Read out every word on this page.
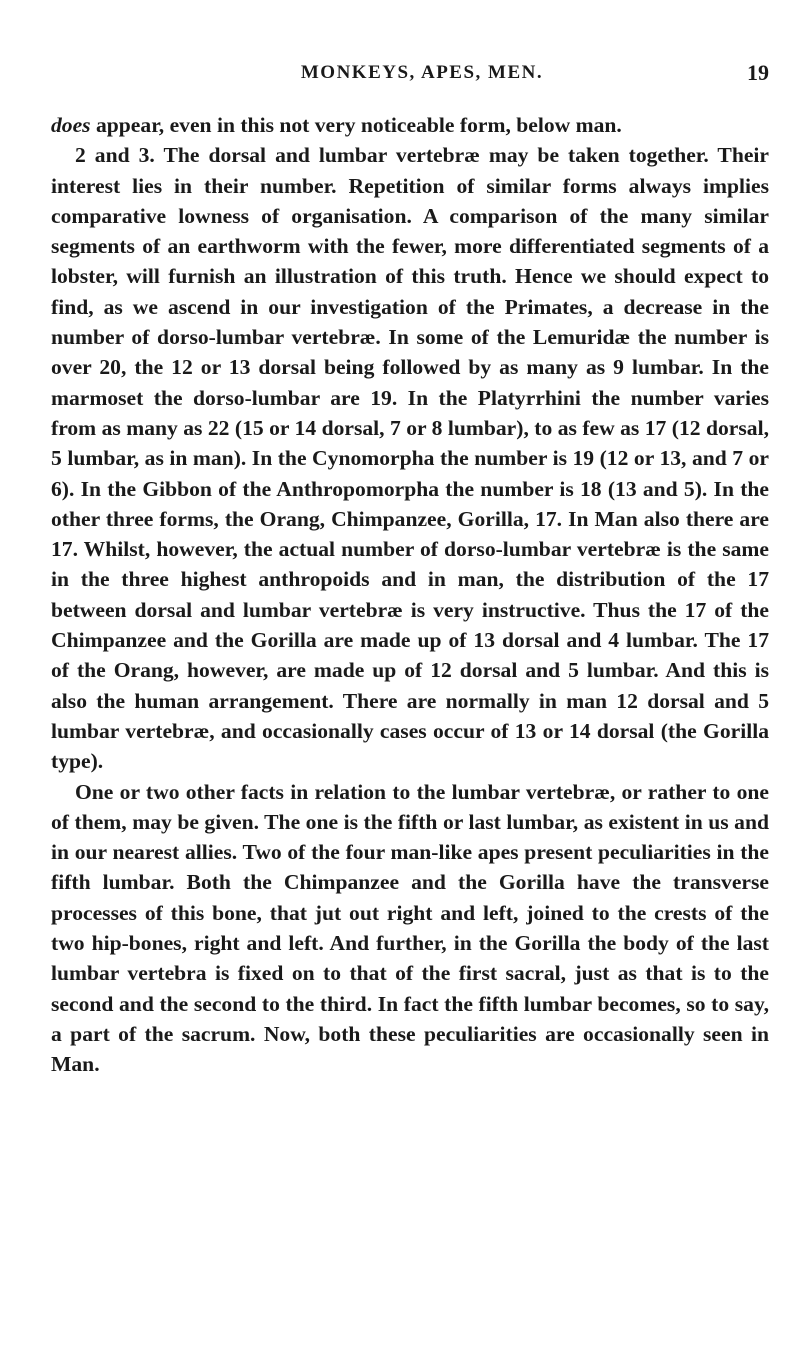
MONKEYS, APES, MEN.	19

does appear, even in this not very noticeable form, below man.

2 and 3. The dorsal and lumbar vertebræ may be taken together. Their interest lies in their number. Repetition of similar forms always implies comparative lowness of organisation. A comparison of the many similar segments of an earthworm with the fewer, more differentiated segments of a lobster, will furnish an illustration of this truth. Hence we should expect to find, as we ascend in our investigation of the Primates, a decrease in the number of dorso-lumbar vertebræ. In some of the Lemuridæ the number is over 20, the 12 or 13 dorsal being followed by as many as 9 lumbar. In the marmoset the dorso-lumbar are 19. In the Platyrrhini the number varies from as many as 22 (15 or 14 dorsal, 7 or 8 lumbar), to as few as 17 (12 dorsal, 5 lumbar, as in man). In the Cynomorpha the number is 19 (12 or 13, and 7 or 6). In the Gibbon of the Anthropomorpha the number is 18 (13 and 5). In the other three forms, the Orang, Chimpanzee, Gorilla, 17. In Man also there are 17. Whilst, however, the actual number of dorso-lumbar vertebræ is the same in the three highest anthropoids and in man, the distribution of the 17 between dorsal and lumbar vertebræ is very instructive. Thus the 17 of the Chimpanzee and the Gorilla are made up of 13 dorsal and 4 lumbar. The 17 of the Orang, however, are made up of 12 dorsal and 5 lumbar. And this is also the human arrangement. There are normally in man 12 dorsal and 5 lumbar vertebræ, and occasionally cases occur of 13 or 14 dorsal (the Gorilla type).

One or two other facts in relation to the lumbar vertebræ, or rather to one of them, may be given. The one is the fifth or last lumbar, as existent in us and in our nearest allies. Two of the four man-like apes present peculiarities in the fifth lumbar. Both the Chimpanzee and the Gorilla have the transverse processes of this bone, that jut out right and left, joined to the crests of the two hip-bones, right and left. And further, in the Gorilla the body of the last lumbar vertebra is fixed on to that of the first sacral, just as that is to the second and the second to the third. In fact the fifth lumbar becomes, so to say, a part of the sacrum. Now, both these peculiarities are occasionally seen in Man.
